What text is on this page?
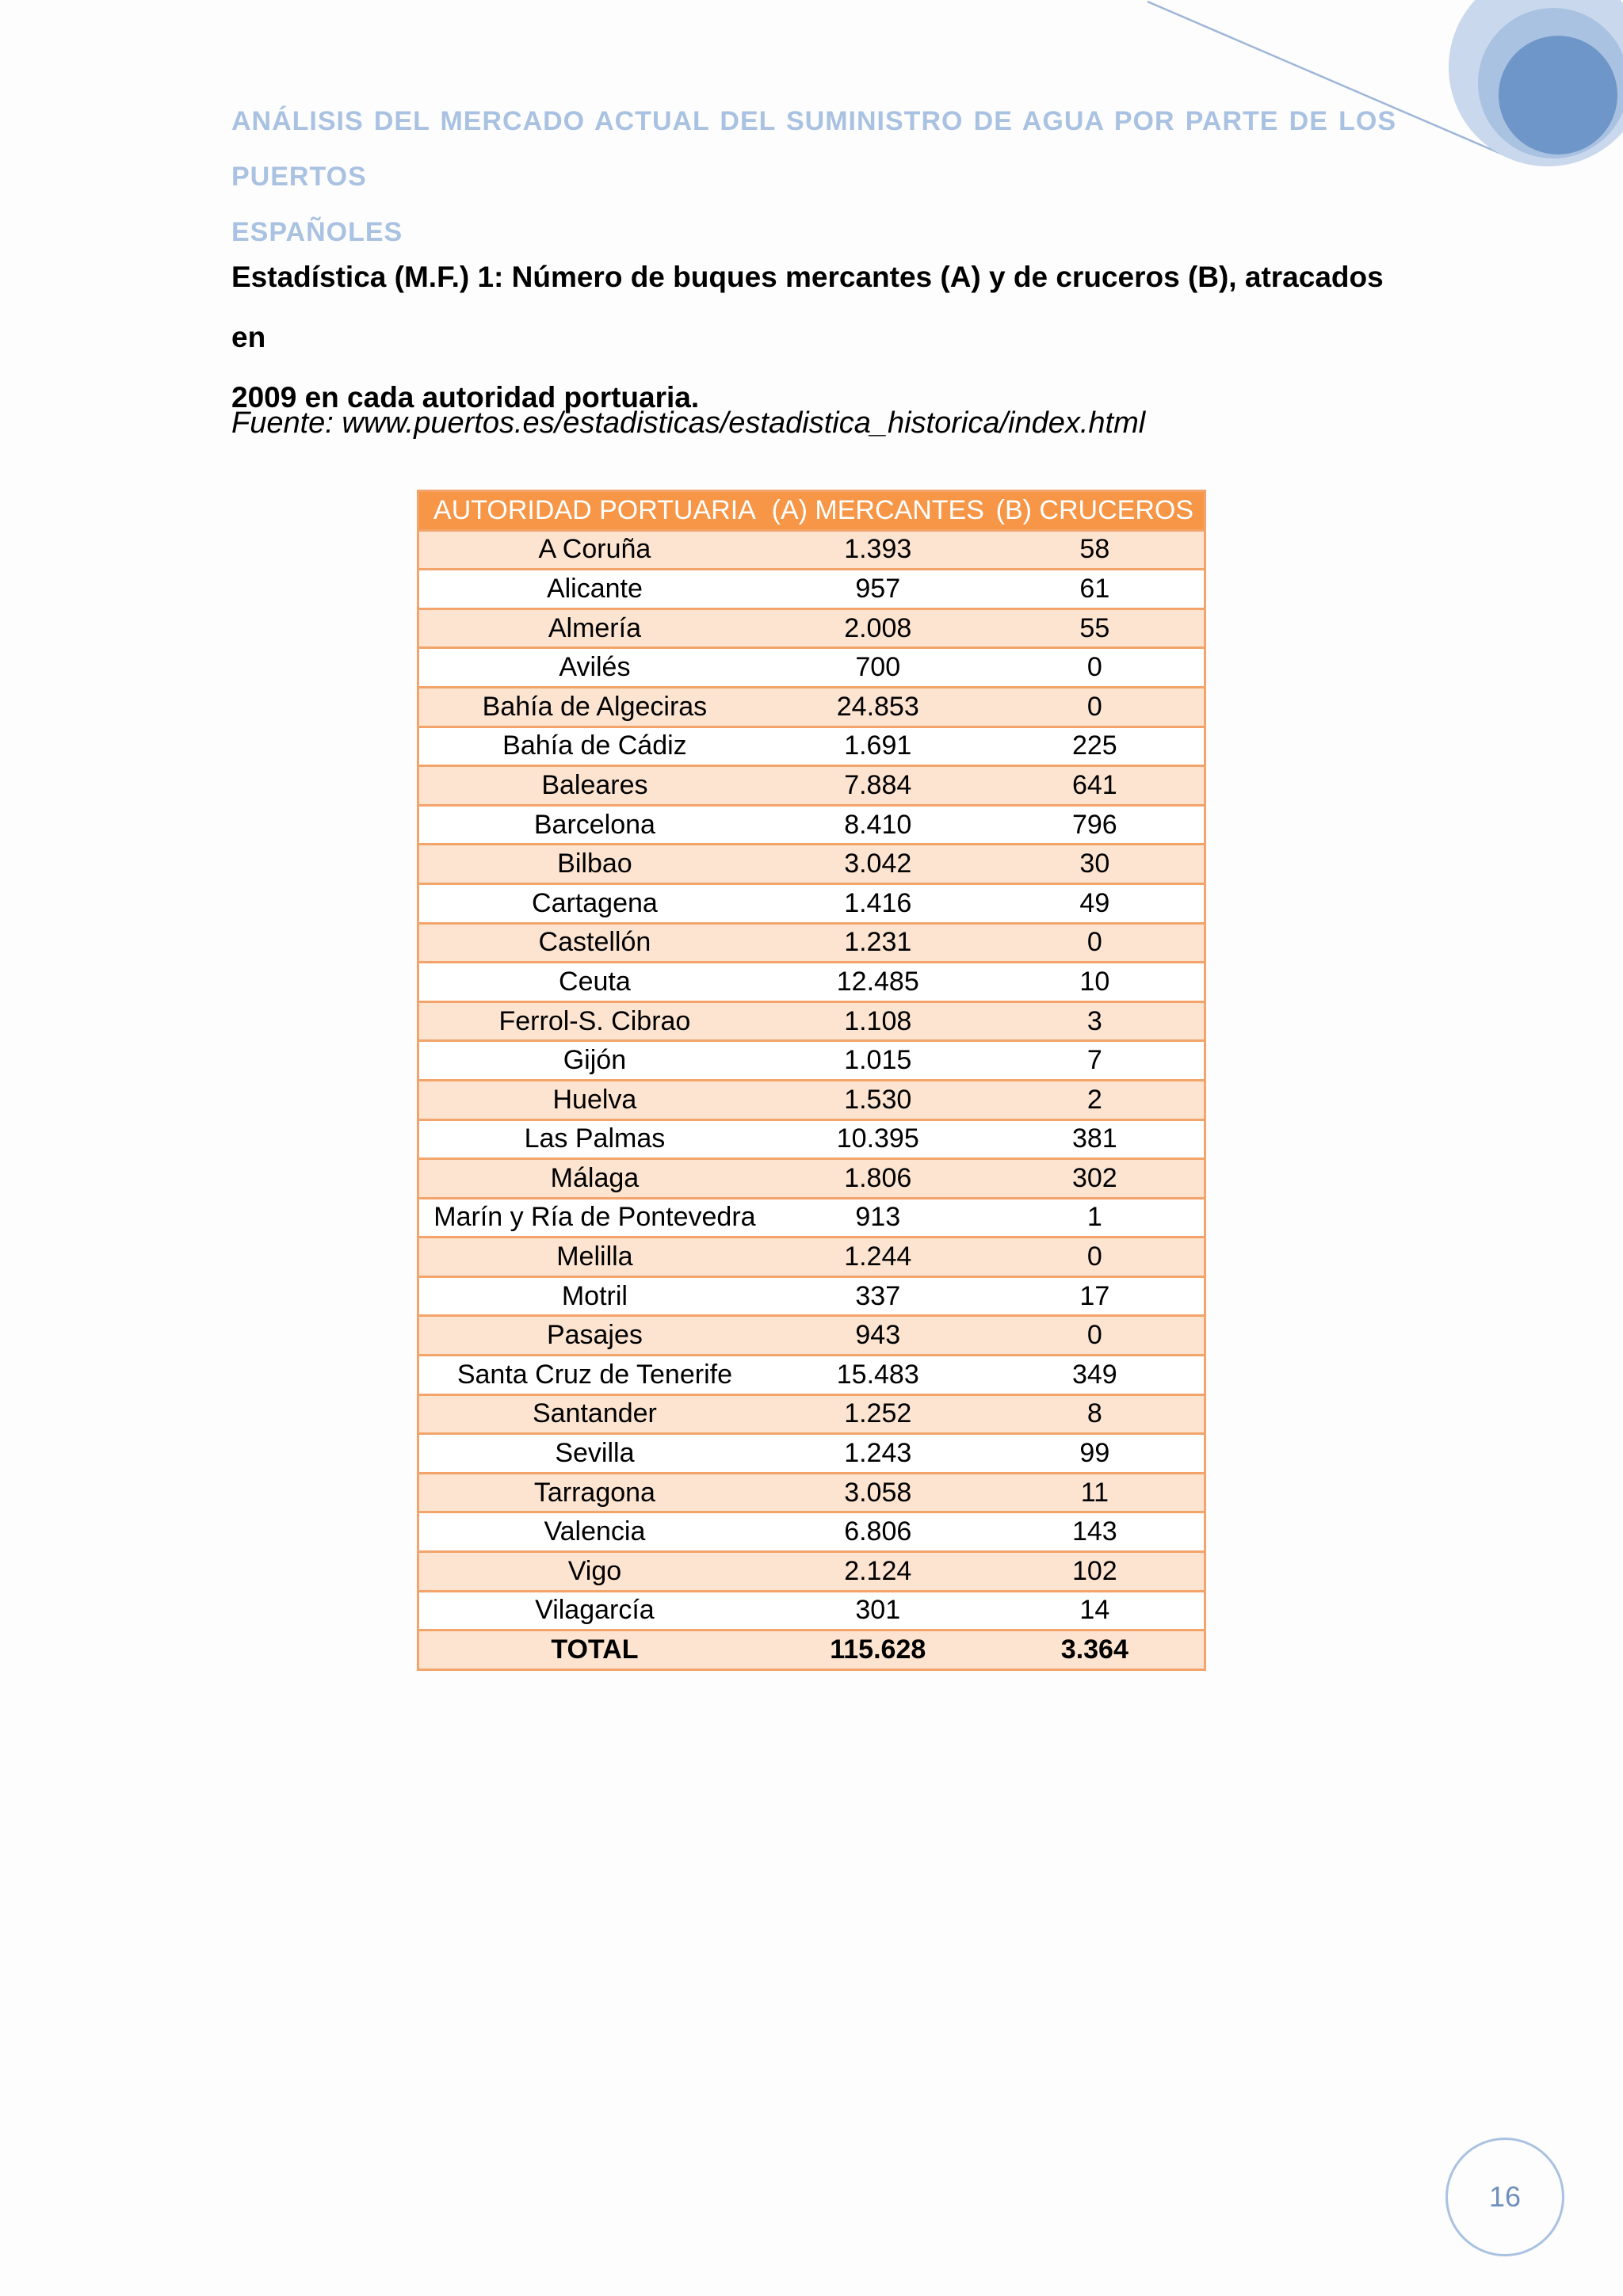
ANÁLISIS DEL MERCADO ACTUAL DEL SUMINISTRO DE AGUA POR PARTE DE LOS PUERTOS
ESPAÑOLES
Estadística (M.F.) 1: Número de buques mercantes (A) y de cruceros (B), atracados en
2009 en cada autoridad portuaria.
Fuente: www.puertos.es/estadisticas/estadistica_historica/index.html
AUTORIDAD PORTUARIA	(A) MERCANTES	(B) CRUCEROS
A Coruña	1.393	58
Alicante	957	61
Almería	2.008	55
Avilés	700	0
Bahía de Algeciras	24.853	0
Bahía de Cádiz	1.691	225
Baleares	7.884	641
Barcelona	8.410	796
Bilbao	3.042	30
Cartagena	1.416	49
Castellón	1.231	0
Ceuta	12.485	10
Ferrol-S. Cibrao	1.108	3
Gijón	1.015	7
Huelva	1.530	2
Las Palmas	10.395	381
Málaga	1.806	302
Marín y Ría de Pontevedra	913	1
Melilla	1.244	0
Motril	337	17
Pasajes	943	0
Santa Cruz de Tenerife	15.483	349
Santander	1.252	8
Sevilla	1.243	99
Tarragona	3.058	11
Valencia	6.806	143
Vigo	2.124	102
Vilagarcía	301	14
TOTAL	115.628	3.364
16
